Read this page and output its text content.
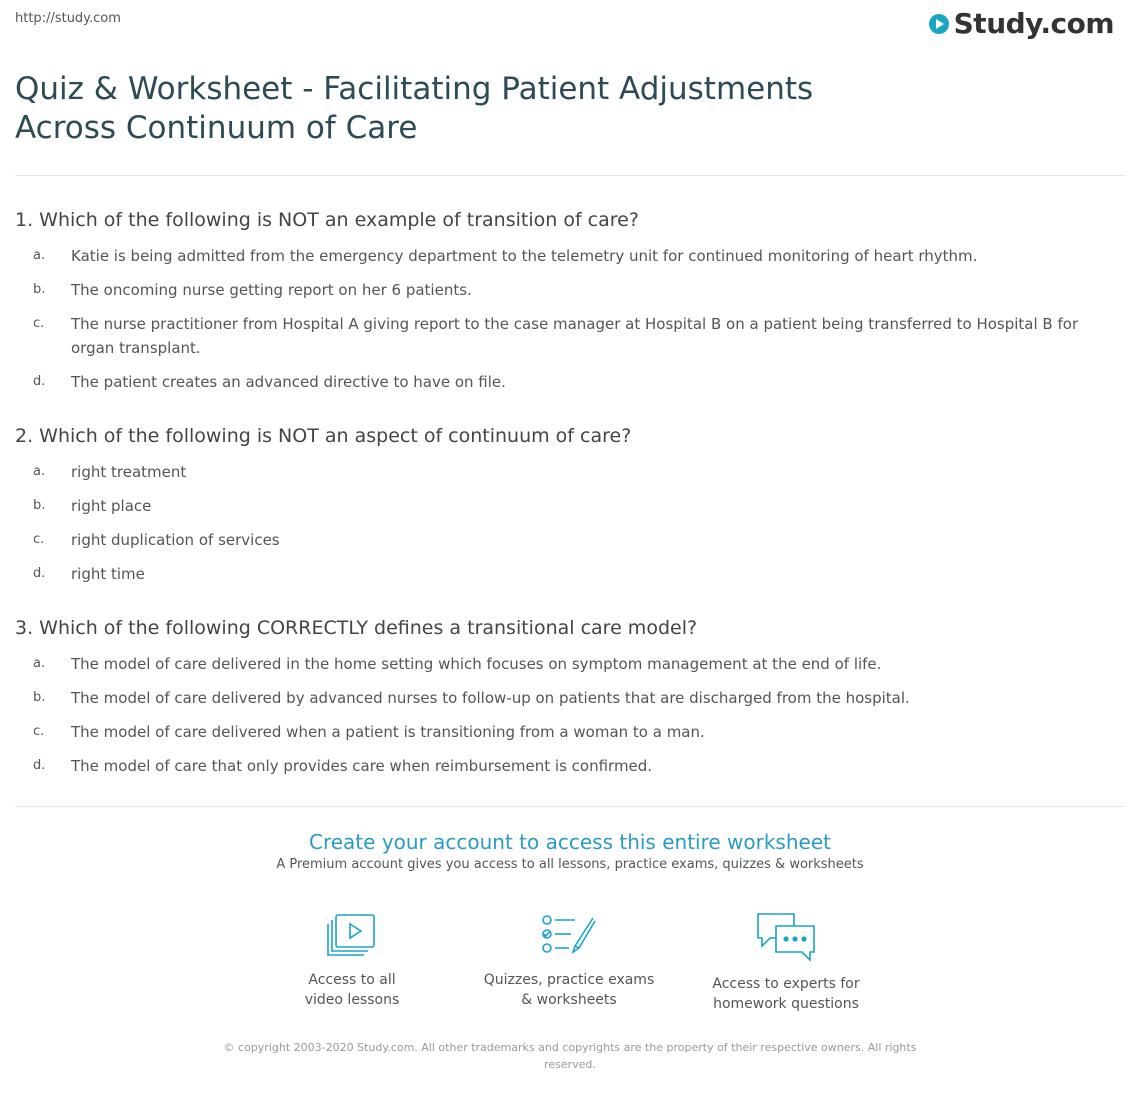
http://study.com	Study.com
Quiz & Worksheet - Facilitating Patient Adjustments Across Continuum of Care

1. Which of the following is NOT an example of transition of care?

a.	Katie is being admitted from the emergency department to the telemetry unit for continued monitoring of heart rhythm.
b.	The oncoming nurse getting report on her 6 patients.
c.	The nurse practitioner from Hospital A giving report to the case manager at Hospital B on a patient being transferred to Hospital B for organ transplant.
d.	The patient creates an advanced directive to have on file.

2. Which of the following is NOT an aspect of continuum of care?

a.	right treatment
b.	right place
c.	right duplication of services
d.	right time

3. Which of the following CORRECTLY defines a transitional care model?

a.	The model of care delivered in the home setting which focuses on symptom management at the end of life.
b.	The model of care delivered by advanced nurses to follow-up on patients that are discharged from the hospital.
c.	The model of care delivered when a patient is transitioning from a woman to a man.
d.	The model of care that only provides care when reimbursement is confirmed.
Create your account to access this entire worksheet
A Premium account gives you access to all lessons, practice exams, quizzes & worksheets
Access to all
video lessons
Quizzes, practice exams
& worksheets
Access to experts for
homework questions
© copyright 2003-2020 Study.com. All other trademarks and copyrights are the property of their respective owners. All rights reserved.
